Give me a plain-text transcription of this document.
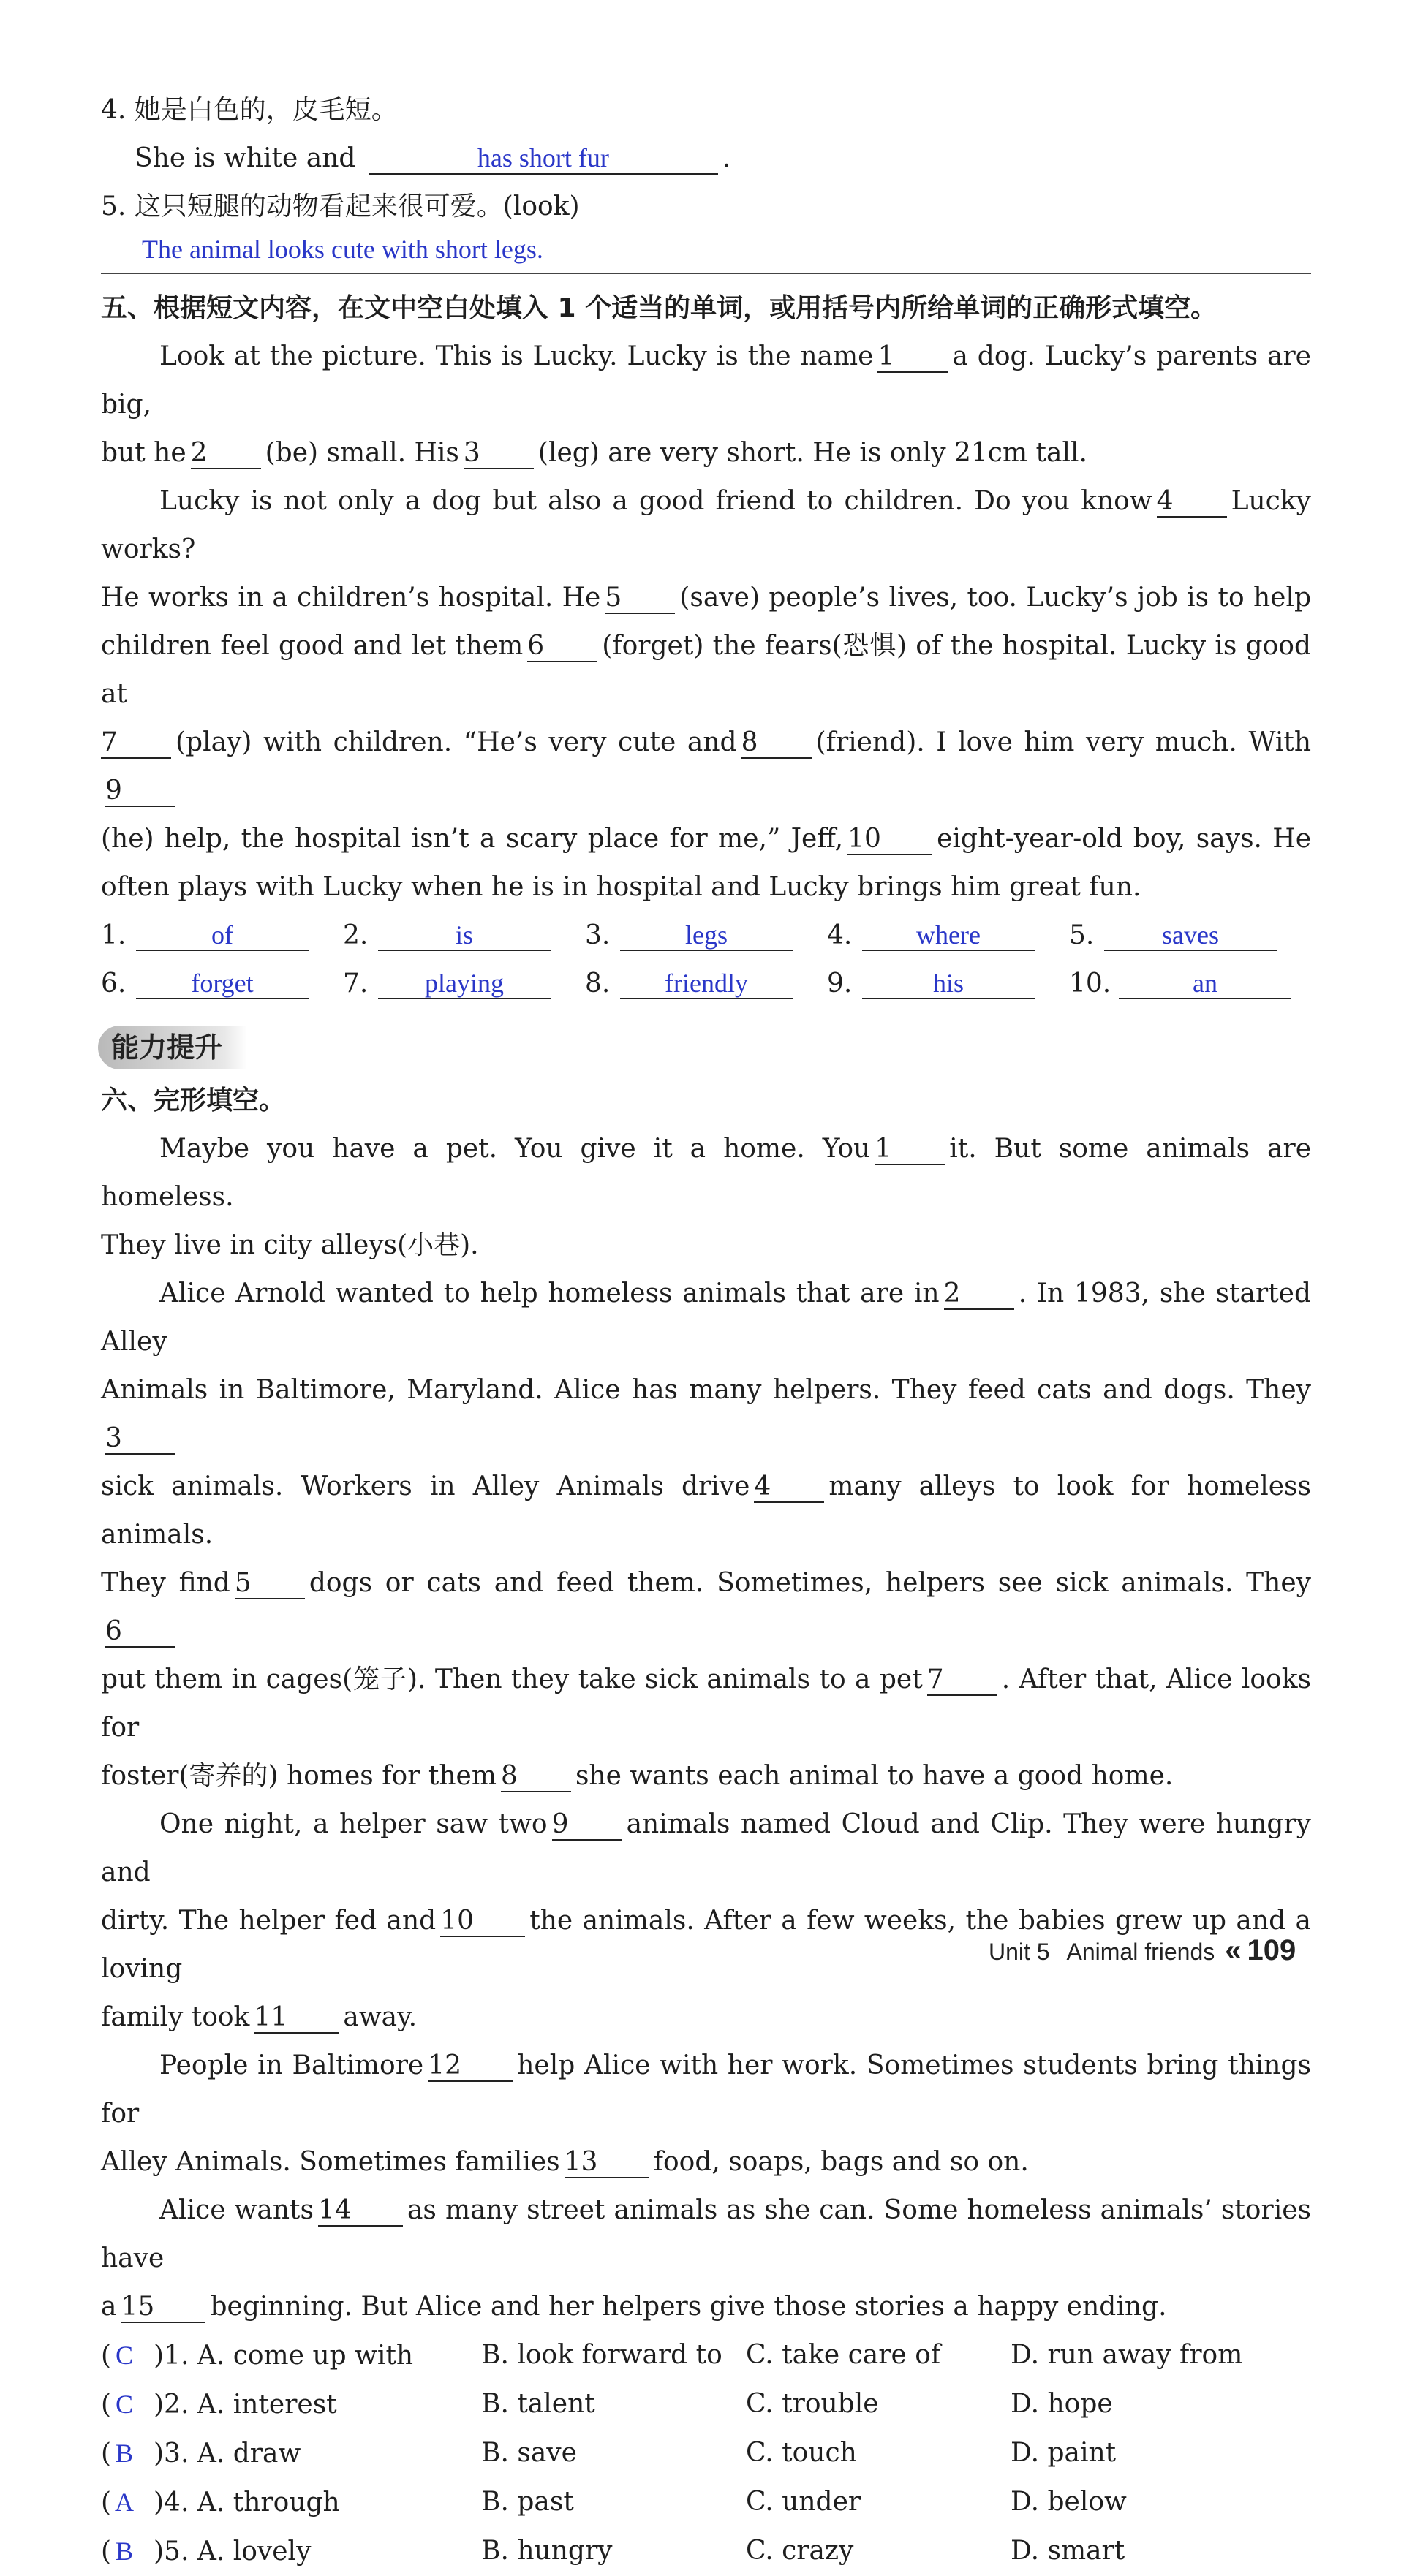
4. 她是白色的，皮毛短。
She is white and	has short fur	.
5. 这只短腿的动物看起来很可爱。(look)
The animal looks cute with short legs.
五、根据短文内容，在文中空白处填入 1 个适当的单词，或用括号内所给单词的正确形式填空。
Look at the picture. This is Lucky. Lucky is the name 1 a dog. Lucky’s parents are big,
but he 2 (be) small. His 3 (leg) are very short. He is only 21cm tall.
Lucky is not only a dog but also a good friend to children. Do you know 4 Lucky works?
He works in a children’s hospital. He 5 (save) people’s lives, too. Lucky’s job is to help
children feel good and let them 6 (forget) the fears(恐惧) of the hospital. Lucky is good at
7 (play) with children. “He’s very cute and 8 (friend). I love him very much. With9
(he) help, the hospital isn’t a scary place for me,” Jeff, 10 eight-year-old boy, says. He
often plays with Lucky when he is in hospital and Lucky brings him great fun.
1.	of	2.	is	3.	legs	4. where	5.	saves
6. forget	7. playing	8. friendly	9.	his	10.	an
能力提升
六、完形填空。
Maybe you have a pet. You give it a home. You 1 it. But some animals are homeless.
They live in city alleys(小巷).
Alice Arnold wanted to help homeless animals that are in 2 . In 1983, she started Alley
Animals in Baltimore, Maryland. Alice has many helpers. They feed cats and dogs. They3
sick animals. Workers in Alley Animals drive 4 many alleys to look for homeless animals.
They find 5 dogs or cats and feed them. Sometimes, helpers see sick animals. They6
put them in cages(笼子). Then they take sick animals to a pet 7 . After that, Alice looks for
foster(寄养的) homes for them 8 she wants each animal to have a good home.
One night, a helper saw two 9 animals named Cloud and Clip. They were hungry and
dirty. The helper fed and 10 the animals. After a few weeks, the babies grew up and a loving
family took 11 away.
People in Baltimore 12 help Alice with her work. Sometimes students bring things for
Alley Animals. Sometimes families 13 food, soaps, bags and so on.
Alice wants 14 as many street animals as she can. Some homeless animals’ stories have
a 15 beginning. But Alice and her helpers give those stories a happy ending.
( C )1. A. come up with	B. look forward to C. take care of	D. run away from
( C )2. A. interest	B. talent	C. trouble	D. hope
( B )3. A. draw	B. save	C. touch	D. paint
( A )4. A. through	B. past	C. under	D. below
( B )5. A. lovely	B. hungry	C. crazy	D. smart
Unit 5 Animal friends « 109
